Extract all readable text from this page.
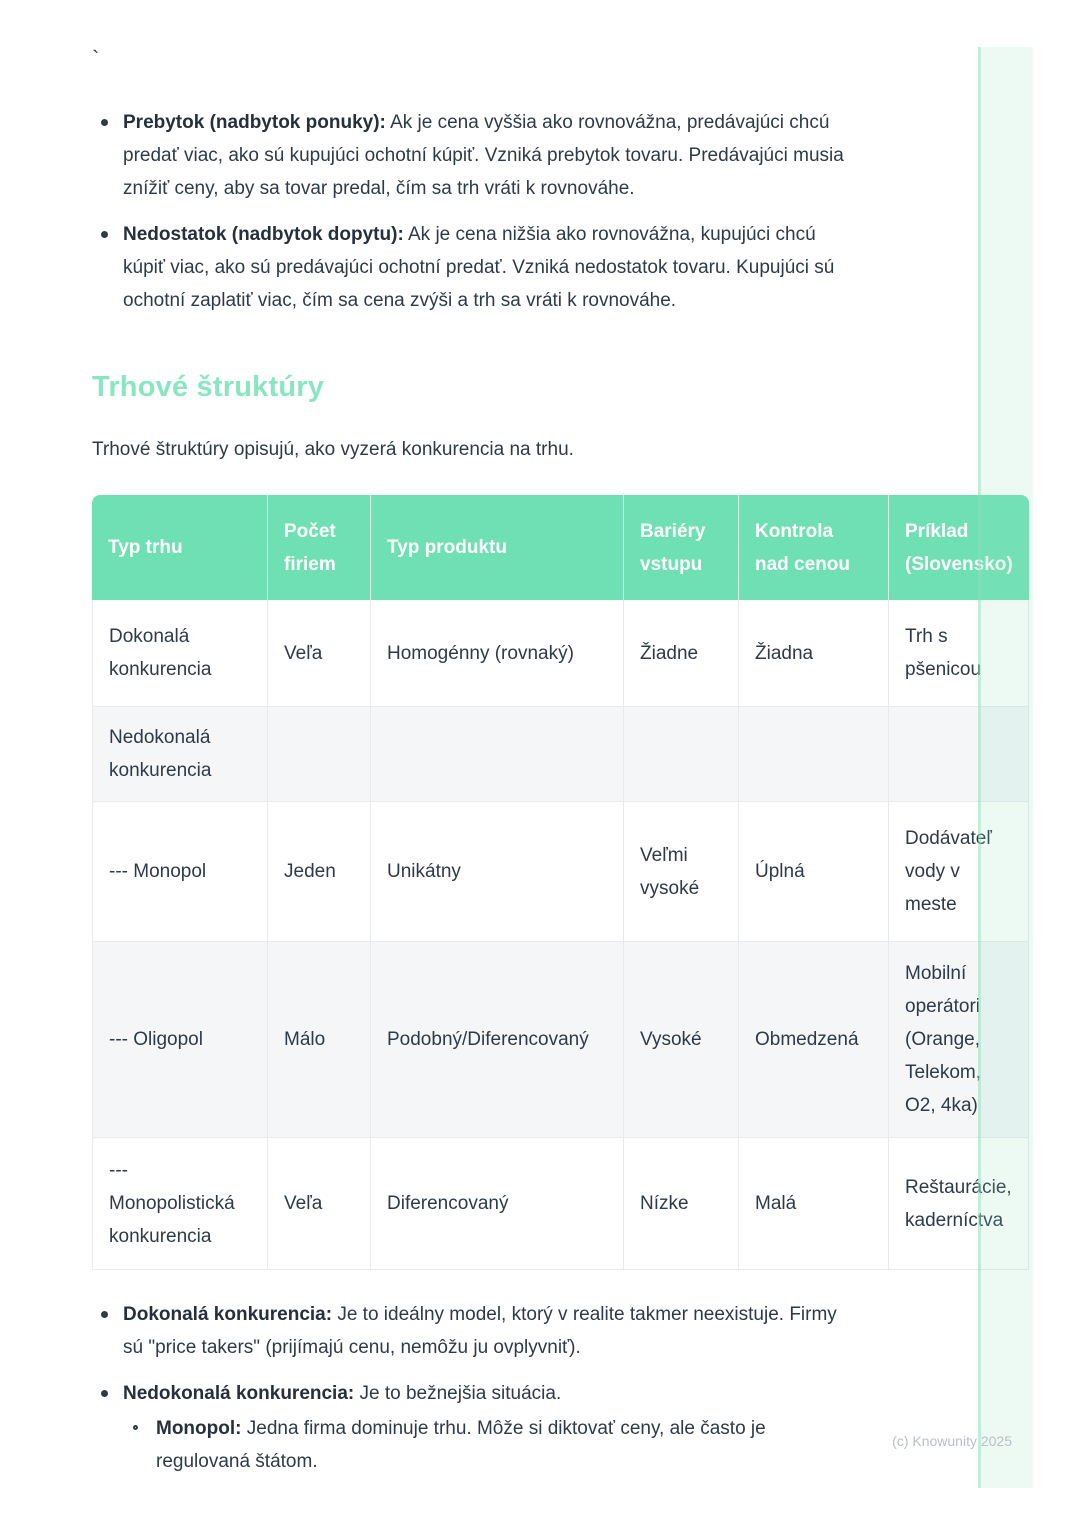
`
Prebytok (nadbytok ponuky): Ak je cena vyššia ako rovnovážna, predávajúci chcú predať viac, ako sú kupujúci ochotní kúpiť. Vzniká prebytok tovaru. Predávajúci musia znížiť ceny, aby sa tovar predal, čím sa trh vráti k rovnováhe.
Nedostatok (nadbytok dopytu): Ak je cena nižšia ako rovnovážna, kupujúci chcú kúpiť viac, ako sú predávajúci ochotní predať. Vzniká nedostatok tovaru. Kupujúci sú ochotní zaplatiť viac, čím sa cena zvýši a trh sa vráti k rovnováhe.
Trhové štruktúry

Trhové štruktúry opisujú, ako vyzerá konkurencia na trhu.

Typ trhu	Počet firiem	Typ produktu	Bariéry vstupu	Kontrola nad cenou	Príklad (Slovensko)
Dokonalá konkurencia	Veľa	Homogénny (rovnaký)	Žiadne	Žiadna	Trh s pšenicou
Nedokonalá konkurencia					
--- Monopol	Jeden	Unikátny	Veľmi vysoké	Úplná	Dodávateľ vody v meste
--- Oligopol	Málo	Podobný/Diferencovaný	Vysoké	Obmedzená	Mobilní operátori (Orange, Telekom, O2, 4ka)
--- Monopolistická konkurencia	Veľa	Diferencovaný	Nízke	Malá	Reštaurácie, kaderníctva
Dokonalá konkurencia: Je to ideálny model, ktorý v realite takmer neexistuje. Firmy sú "price takers" (prijímajú cenu, nemôžu ju ovplyvniť).
Nedokonalá konkurencia: Je to bežnejšia situácia.
Monopol: Jedna firma dominuje trhu. Môže si diktovať ceny, ale často je regulovaná štátom.
(c) Knowunity 2025
